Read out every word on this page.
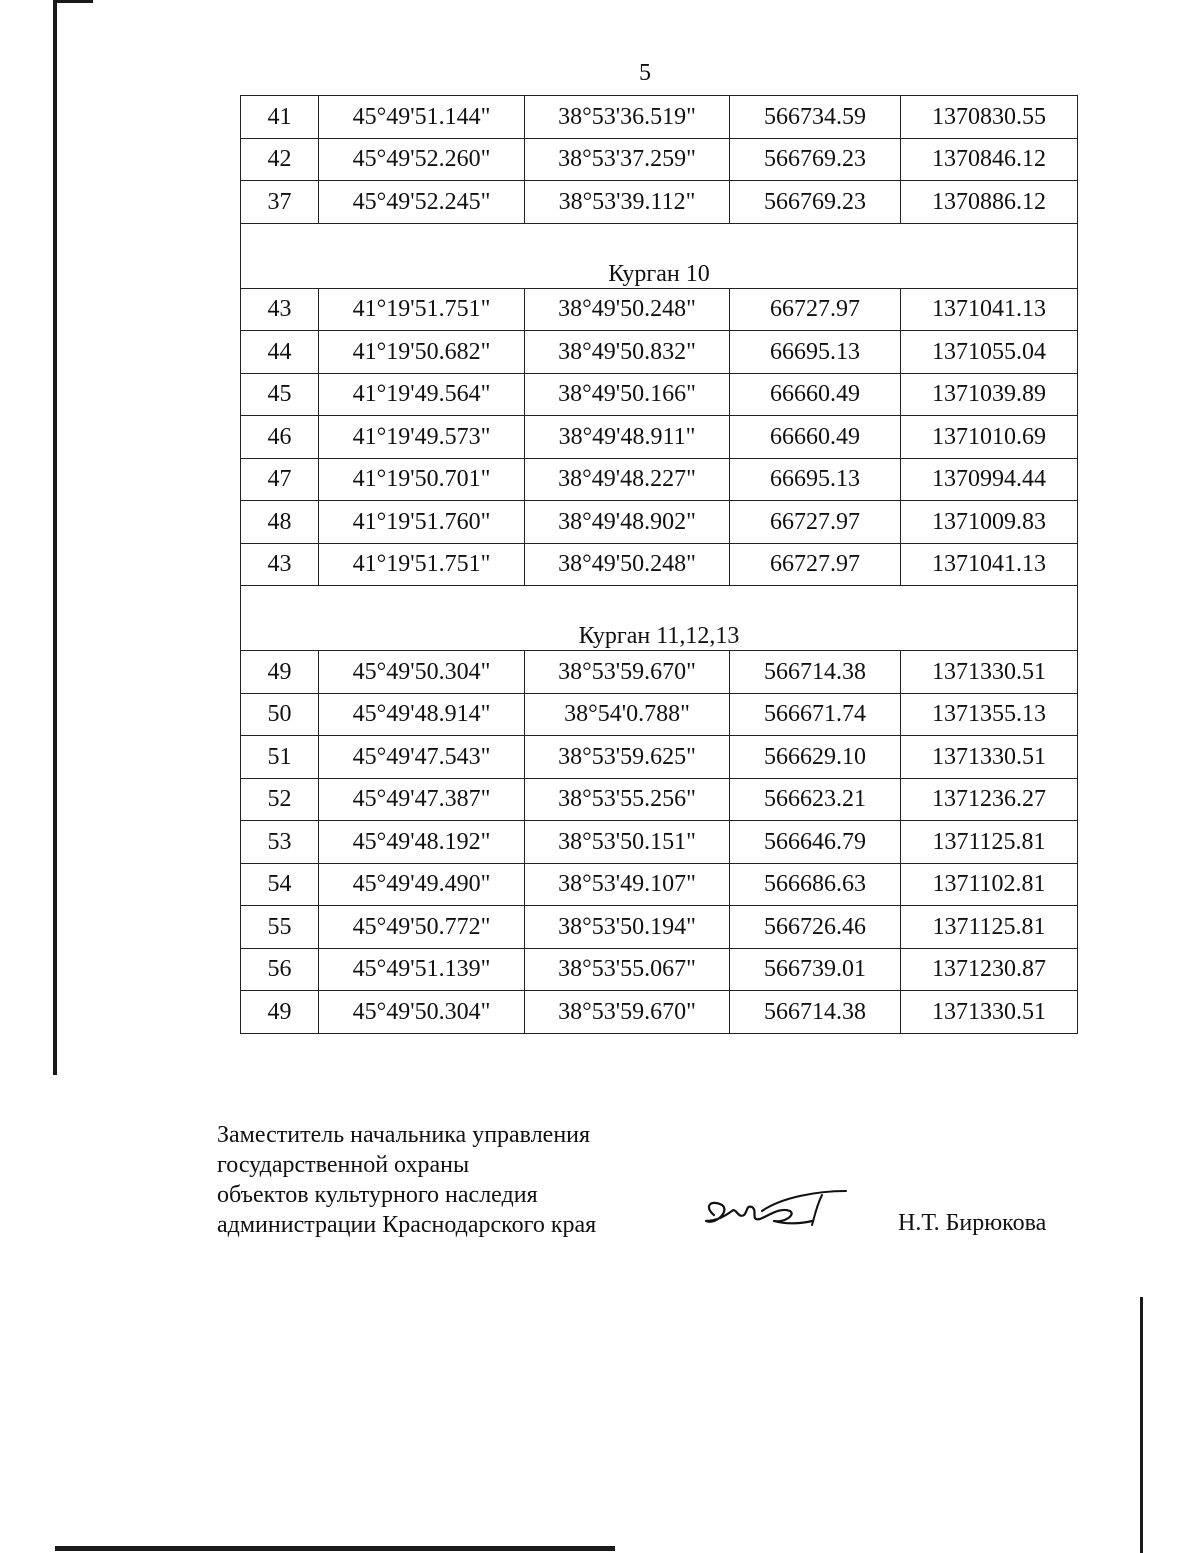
5
41	45°49'51.144"	38°53'36.519"	566734.59	1370830.55
42	45°49'52.260"	38°53'37.259"	566769.23	1370846.12
37	45°49'52.245"	38°53'39.112"	566769.23	1370886.12
Курган 10				
43	41°19'51.751"	38°49'50.248"	66727.97	1371041.13
44	41°19'50.682"	38°49'50.832"	66695.13	1371055.04
45	41°19'49.564"	38°49'50.166"	66660.49	1371039.89
46	41°19'49.573"	38°49'48.911"	66660.49	1371010.69
47	41°19'50.701"	38°49'48.227"	66695.13	1370994.44
48	41°19'51.760"	38°49'48.902"	66727.97	1371009.83
43	41°19'51.751"	38°49'50.248"	66727.97	1371041.13
Курган 11,12,13				
49	45°49'50.304"	38°53'59.670"	566714.38	1371330.51
50	45°49'48.914"	38°54'0.788"	566671.74	1371355.13
51	45°49'47.543"	38°53'59.625"	566629.10	1371330.51
52	45°49'47.387"	38°53'55.256"	566623.21	1371236.27
53	45°49'48.192"	38°53'50.151"	566646.79	1371125.81
54	45°49'49.490"	38°53'49.107"	566686.63	1371102.81
55	45°49'50.772"	38°53'50.194"	566726.46	1371125.81
56	45°49'51.139"	38°53'55.067"	566739.01	1371230.87
49	45°49'50.304"	38°53'59.670"	566714.38	1371330.51
Заместитель начальника управления
государственной охраны
объектов культурного наследия
администрации Краснодарского края	Н.Т. Бирюкова
